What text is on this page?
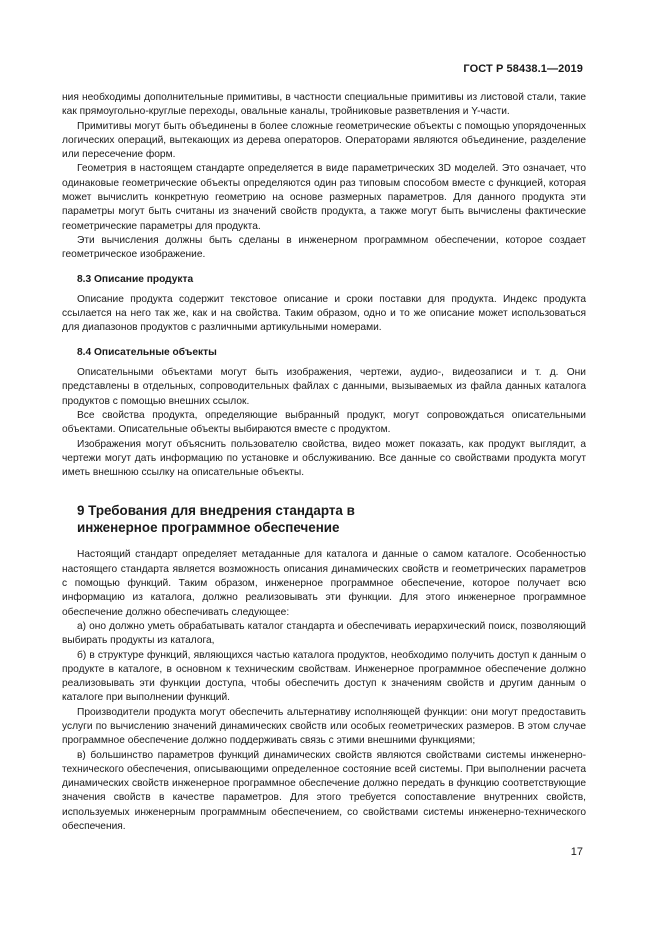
ГОСТ Р 58438.1—2019

ния необходимы дополнительные примитивы, в частности специальные примитивы из листовой стали, такие как прямоугольно-круглые переходы, овальные каналы, тройниковые разветвления и Y-части.

Примитивы могут быть объединены в более сложные геометрические объекты с помощью упорядоченных логических операций, вытекающих из дерева операторов. Операторами являются объединение, разделение или пересечение форм.

Геометрия в настоящем стандарте определяется в виде параметрических 3D моделей. Это означает, что одинаковые геометрические объекты определяются один раз типовым способом вместе с функцией, которая может вычислить конкретную геометрию на основе размерных параметров. Для данного продукта эти параметры могут быть считаны из значений свойств продукта, а также могут быть вычислены фактические геометрические параметры для продукта.

Эти вычисления должны быть сделаны в инженерном программном обеспечении, которое создает геометрическое изображение.

8.3 Описание продукта

Описание продукта содержит текстовое описание и сроки поставки для продукта. Индекс продукта ссылается на него так же, как и на свойства. Таким образом, одно и то же описание может использоваться для диапазонов продуктов с различными артикульными номерами.

8.4 Описательные объекты

Описательными объектами могут быть изображения, чертежи, аудио-, видеозаписи и т. д. Они представлены в отдельных, сопроводительных файлах с данными, вызываемых из файла данных каталога продуктов с помощью внешних ссылок.

Все свойства продукта, определяющие выбранный продукт, могут сопровождаться описательными объектами. Описательные объекты выбираются вместе с продуктом.

Изображения могут объяснить пользователю свойства, видео может показать, как продукт выглядит, а чертежи могут дать информацию по установке и обслуживанию. Все данные со свойствами продукта могут иметь внешнюю ссылку на описательные объекты.

9 Требования для внедрения стандарта в инженерное программное обеспечение

Настоящий стандарт определяет метаданные для каталога и данные о самом каталоге. Особенностью настоящего стандарта является возможность описания динамических свойств и геометрических параметров с помощью функций. Таким образом, инженерное программное обеспечение, которое получает всю информацию из каталога, должно реализовывать эти функции. Для этого инженерное программное обеспечение должно обеспечивать следующее:

а) оно должно уметь обрабатывать каталог стандарта и обеспечивать иерархический поиск, позволяющий выбирать продукты из каталога,

б) в структуре функций, являющихся частью каталога продуктов, необходимо получить доступ к данным о продукте в каталоге, в основном к техническим свойствам. Инженерное программное обеспечение должно реализовывать эти функции доступа, чтобы обеспечить доступ к значениям свойств и другим данным о каталоге при выполнении функций.

Производители продукта могут обеспечить альтернативу исполняющей функции: они могут предоставить услуги по вычислению значений динамических свойств или особых геометрических размеров. В этом случае программное обеспечение должно поддерживать связь с этими внешними функциями;

в) большинство параметров функций динамических свойств являются свойствами системы инженерно-технического обеспечения, описывающими определенное состояние всей системы. При выполнении расчета динамических свойств инженерное программное обеспечение должно передать в функцию соответствующие значения свойств в качестве параметров. Для этого требуется сопоставление внутренних свойств, используемых инженерным программным обеспечением, со свойствами системы инженерно-технического обеспечения.

17
